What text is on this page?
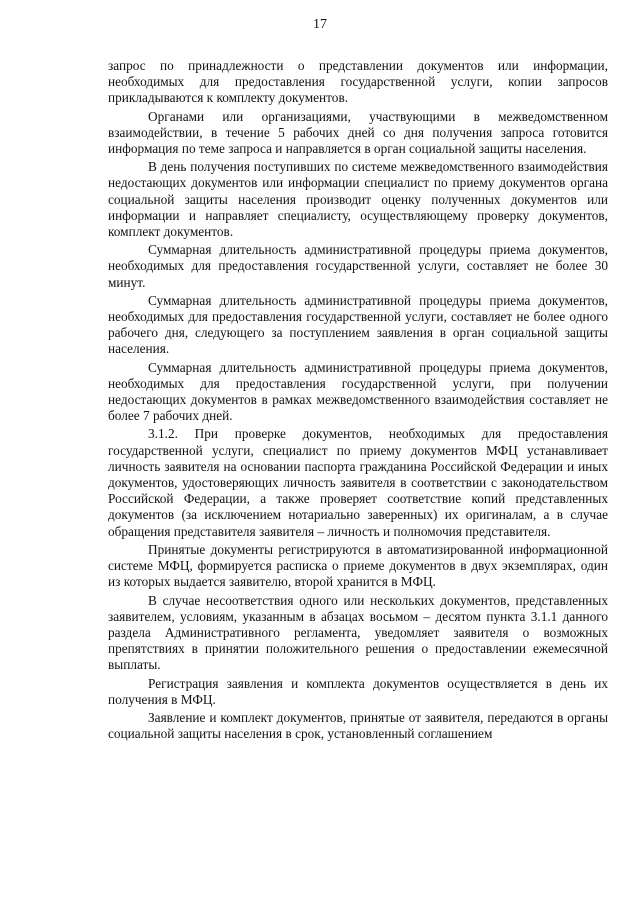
17

запрос по принадлежности о представлении документов или информации, необходимых для предоставления государственной услуги, копии запросов прикладываются к комплекту документов.

Органами или организациями, участвующими в межведомственном взаимодействии, в течение 5 рабочих дней со дня получения запроса готовится информация по теме запроса и направляется в орган социальной защиты населения.

В день получения поступивших по системе межведомственного взаимодействия недостающих документов или информации специалист по приему документов органа социальной защиты населения производит оценку полученных документов или информации и направляет специалисту, осуществляющему проверку документов, комплект документов.

Суммарная длительность административной процедуры приема документов, необходимых для предоставления государственной услуги, составляет не более 30 минут.

Суммарная длительность административной процедуры приема документов, необходимых для предоставления государственной услуги, составляет не более одного рабочего дня, следующего за поступлением заявления в орган социальной защиты населения.

Суммарная длительность административной процедуры приема документов, необходимых для предоставления государственной услуги, при получении недостающих документов в рамках межведомственного взаимодействия составляет не более 7 рабочих дней.

3.1.2. При проверке документов, необходимых для предоставления государственной услуги, специалист по приему документов МФЦ устанавливает личность заявителя на основании паспорта гражданина Российской Федерации и иных документов, удостоверяющих личность заявителя в соответствии с законодательством Российской Федерации, а также проверяет соответствие копий представленных документов (за исключением нотариально заверенных) их оригиналам, а в случае обращения представителя заявителя – личность и полномочия представителя.

Принятые документы регистрируются в автоматизированной информационной системе МФЦ, формируется расписка о приеме документов в двух экземплярах, один из которых выдается заявителю, второй хранится в МФЦ.

В случае несоответствия одного или нескольких документов, представленных заявителем, условиям, указанным в абзацах восьмом – десятом пункта 3.1.1 данного раздела Административного регламента, уведомляет заявителя о возможных препятствиях в принятии положительного решения о предоставлении ежемесячной выплаты.

Регистрация заявления и комплекта документов осуществляется в день их получения в МФЦ.

Заявление и комплект документов, принятые от заявителя, передаются в органы социальной защиты населения в срок, установленный соглашением
